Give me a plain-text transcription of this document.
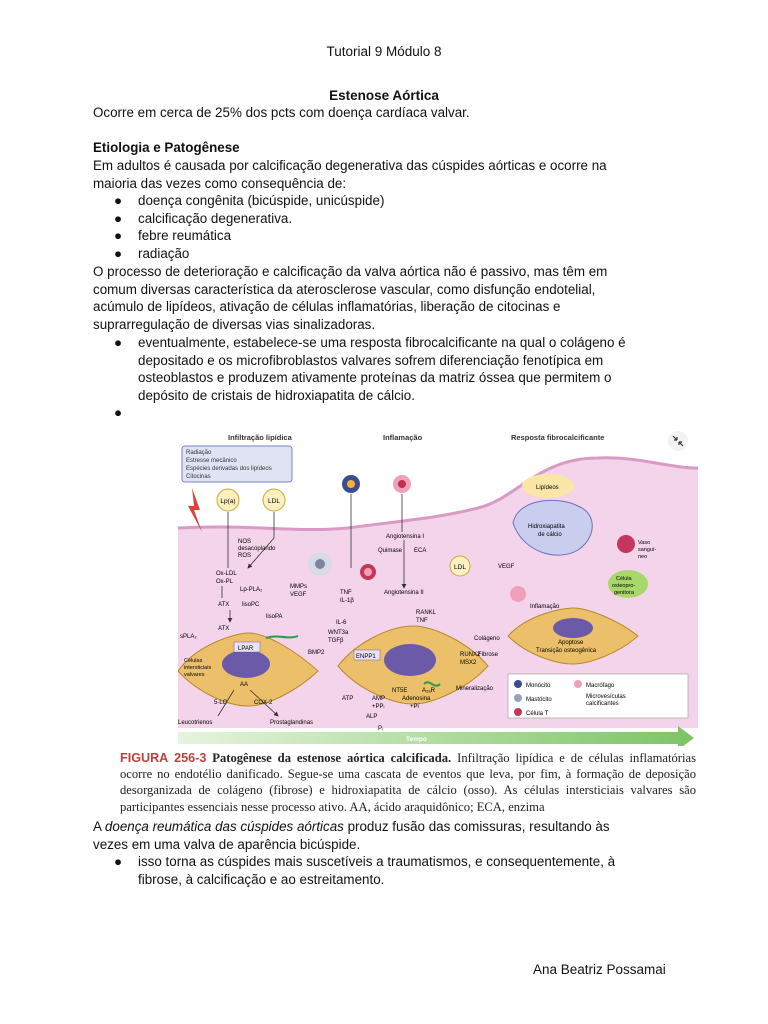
Tutorial 9 Módulo 8
Estenose Aórtica
Ocorre em cerca de 25% dos pcts com doença cardíaca valvar.
Etiologia e Patogênese
Em adultos é causada por calcificação degenerativa das cúspides aórticas e ocorre na
maioria das vezes como consequência de:
● doença congênita (bicúspide, unicúspide)
● calcificação degenerativa.
● febre reumática
● radiação
O processo de deterioração e calcificação da valva aórtica não é passivo, mas têm em
comum diversas característica da aterosclerose vascular, como disfunção endotelial,
acúmulo de lipídeos, ativação de células inflamatórias, liberação de citocinas e
suprarregulação de diversas vias sinalizadoras.
● eventualmente, estabelece-se uma resposta fibrocalcificante na qual o colágeno é
depositado e os microfibroblastos valvares sofrem diferenciação fenotípica em
osteoblastos e produzem ativamente proteínas da matriz óssea que permitem o
depósito de cristais de hidroxiapatita de cálcio.
●
Infiltração lipídica	Inflamação	Resposta fibrocalcificante
Radiação
Estresse mecânico
Espécies derivadas dos lipídeos
Citocinas
Lp(a)	LDL
NOS
desacoplando
ROS
Ox-LDL
Ox-PL
Lp-PLA₂
ATX lisoPC
lisoPA
ATX
sPLA₂
LPAR
Células
intersticiais
valvares
AA
5-LO	COX-2
Leucotrienos	Prostaglandinas
MMPs
VEGF	TNF
IL-1β
IL-6
WNT3a
TGFβ
BMP2
Angiotensina I
Quimase ECA
LDL
Angiotensina II
RANKL
TNF
ENPP1
NT5E A₂ₐR
RUNX2
MSX2
ATP	AMP
+PPᵢ
ALP
Pᵢ
Adenosina
+Pi
Colágeno
Fibrose
Mineralização
Lipídeos
Hidroxiapatita
de cálcio
VEGF
Vaso
sanguí-
neo
Célula
osteopro-
genitora
Inflamação
Apoptose
Transição osteogênica
Monócito	Macrófago
Mastócito	Microvesículas
calcificantes
Célula T
Tempo
FIGURA 256-3 Patogênese da estenose aórtica calcificada. Infiltração lipídica e de células inflamatórias ocorre no endotélio danificado. Segue-se uma cascata de eventos que leva, por fim, à formação de deposição desorganizada de colágeno (fibrose) e hidroxiapatita de cálcio (osso). As células intersticiais valvares são participantes essenciais nesse processo ativo. AA, ácido araquidônico; ECA, enzima
A doença reumática das cúspides aórticas produz fusão das comissuras, resultando às
vezes em uma valva de aparência bicúspide.
● isso torna as cúspides mais suscetíveis a traumatismos, e consequentemente, à
fibrose, à calcificação e ao estreitamento.
Ana Beatriz Possamai
